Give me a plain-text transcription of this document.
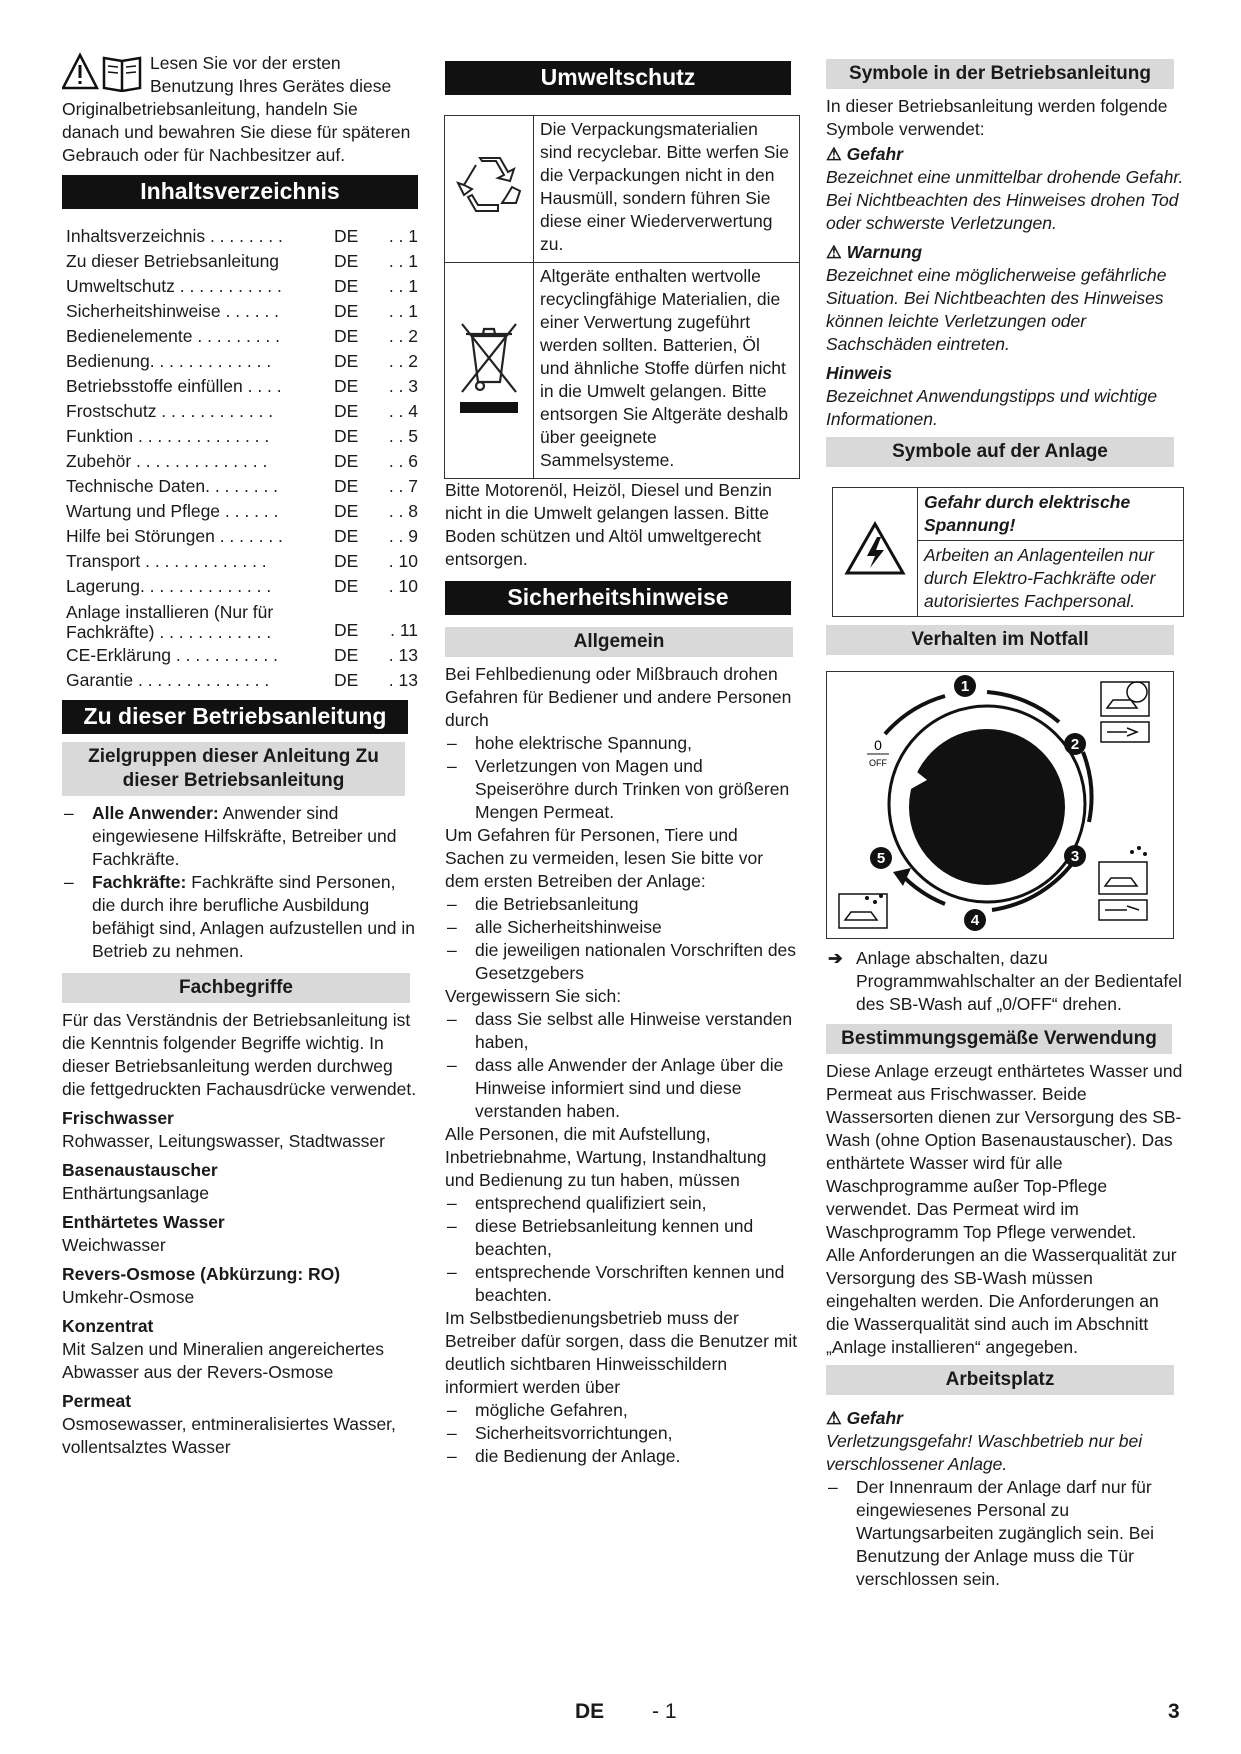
Lesen Sie vor der ersten Benutzung Ihres Gerätes diese Originalbetriebsanleitung, handeln Sie danach und bewahren Sie diese für späteren Gebrauch oder für Nachbesitzer auf.

Inhaltsverzeichnis
Inhaltsverzeichnis . . . . . . . .	DE	. . 1
Zu dieser Betriebsanleitung	DE	. . 1
Umweltschutz . . . . . . . . . . .	DE	. . 1
Sicherheitshinweise . . . . . .	DE	. . 1
Bedienelemente . . . . . . . . .	DE	. . 2
Bedienung. . . . . . . . . . . . .	DE	. . 2
Betriebsstoffe einfüllen . . . .	DE	. . 3
Frostschutz . . . . . . . . . . . .	DE	. . 4
Funktion . . . . . . . . . . . . . .	DE	. . 5
Zubehör . . . . . . . . . . . . . .	DE	. . 6
Technische Daten. . . . . . . .	DE	. . 7
Wartung und Pflege . . . . . .	DE	. . 8
Hilfe bei Störungen . . . . . . .	DE	. . 9
Transport . . . . . . . . . . . . .	DE	. 10
Lagerung. . . . . . . . . . . . . .	DE	. 10
Anlage installieren (Nur für Fachkräfte) . . . . . . . . . . . .	DE	. 11
CE-Erklärung . . . . . . . . . . .	DE	. 13
Garantie . . . . . . . . . . . . . .	DE	. 13
Zu dieser Betriebsanleitung
Zielgruppen dieser Anleitung Zu dieser Betriebsanleitung
– Alle Anwender: Anwender sind eingewiesene Hilfskräfte, Betreiber und Fachkräfte.
– Fachkräfte: Fachkräfte sind Personen, die durch ihre berufliche Ausbildung befähigt sind, Anlagen aufzustellen und in Betrieb zu nehmen.
Fachbegriffe

Für das Verständnis der Betriebsanleitung ist die Kenntnis folgender Begriffe wichtig. In dieser Betriebsanleitung werden durchweg die fettgedruckten Fachausdrücke verwendet.

Frischwasser

Rohwasser, Leitungswasser, Stadtwasser

Basenaustauscher

Enthärtungsanlage

Enthärtetes Wasser

Weichwasser

Revers-Osmose (Abkürzung: RO)

Umkehr-Osmose

Konzentrat

Mit Salzen und Mineralien angereichertes Abwasser aus der Revers-Osmose

Permeat

Osmosewasser, entmineralisiertes Wasser, vollentsalztes Wasser

Umweltschutz
	Die Verpackungsmaterialien sind recyclebar. Bitte werfen Sie die Verpackungen nicht in den Hausmüll, sondern führen Sie diese einer Wiederverwertung zu.
	Altgeräte enthalten wertvolle recyclingfähige Materialien, die einer Verwertung zugeführt werden sollten. Batterien, Öl und ähnliche Stoffe dürfen nicht in die Umwelt gelangen. Bitte entsorgen Sie Altgeräte deshalb über geeignete Sammelsysteme.

Bitte Motorenöl, Heizöl, Diesel und Benzin nicht in die Umwelt gelangen lassen. Bitte Boden schützen und Altöl umweltgerecht entsorgen.

Sicherheitshinweise
Allgemein

Bei Fehlbedienung oder Mißbrauch drohen Gefahren für Bediener und andere Personen durch

– hohe elektrische Spannung,
– Verletzungen von Magen und Speiseröhre durch Trinken von größeren Mengen Permeat.

Um Gefahren für Personen, Tiere und Sachen zu vermeiden, lesen Sie bitte vor dem ersten Betreiben der Anlage:

– die Betriebsanleitung
– alle Sicherheitshinweise
– die jeweiligen nationalen Vorschriften des Gesetzgebers

Vergewissern Sie sich:

– dass Sie selbst alle Hinweise verstanden haben,
– dass alle Anwender der Anlage über die Hinweise informiert sind und diese verstanden haben.

Alle Personen, die mit Aufstellung, Inbetriebnahme, Wartung, Instandhaltung und Bedienung zu tun haben, müssen

– entsprechend qualifiziert sein,
– diese Betriebsanleitung kennen und beachten,
– entsprechende Vorschriften kennen und beachten.

Im Selbstbedienungsbetrieb muss der Betreiber dafür sorgen, dass die Benutzer mit deutlich sichtbaren Hinweisschildern informiert werden über

– mögliche Gefahren,
– Sicherheitsvorrichtungen,
– die Bedienung der Anlage.
Symbole in der Betriebsanleitung

In dieser Betriebsanleitung werden folgende Symbole verwendet:

⚠ Gefahr

Bezeichnet eine unmittelbar drohende Gefahr. Bei Nichtbeachten des Hinweises drohen Tod oder schwerste Verletzungen.

⚠ Warnung

Bezeichnet eine möglicherweise gefährliche Situation. Bei Nichtbeachten des Hinweises können leichte Verletzungen oder Sachschäden eintreten.

Hinweis

Bezeichnet Anwendungstipps und wichtige Informationen.

Symbole auf der Anlage
	Gefahr durch elektrische Spannung!
Arbeiten an Anlagenteilen nur durch Elektro-Fachkräfte oder autorisiertes Fachpersonal.
Verhalten im Notfall
0
OFF
1
2
3
4
5
➔ Anlage abschalten, dazu Programmwahlschalter an der Bedientafel des SB-Wash auf „0/OFF“ drehen.
Bestimmungsgemäße Verwendung

Diese Anlage erzeugt enthärtetes Wasser und Permeat aus Frischwasser. Beide Wassersorten dienen zur Versorgung des SB-Wash (ohne Option Basenaustauscher). Das enthärtete Wasser wird für alle Waschprogramme außer Top-Pflege verwendet. Das Permeat wird im Waschprogramm Top Pflege verwendet.

Alle Anforderungen an die Wasserqualität zur Versorgung des SB-Wash müssen eingehalten werden. Die Anforderungen an die Wasserqualität sind auch im Abschnitt „Anlage installieren“ angegeben.

Arbeitsplatz

⚠ Gefahr

Verletzungsgefahr! Waschbetrieb nur bei verschlossener Anlage.

– Der Innenraum der Anlage darf nur für eingewiesenes Personal zu Wartungsarbeiten zugänglich sein. Bei Benutzung der Anlage muss die Tür verschlossen sein.
DE - 1	3
